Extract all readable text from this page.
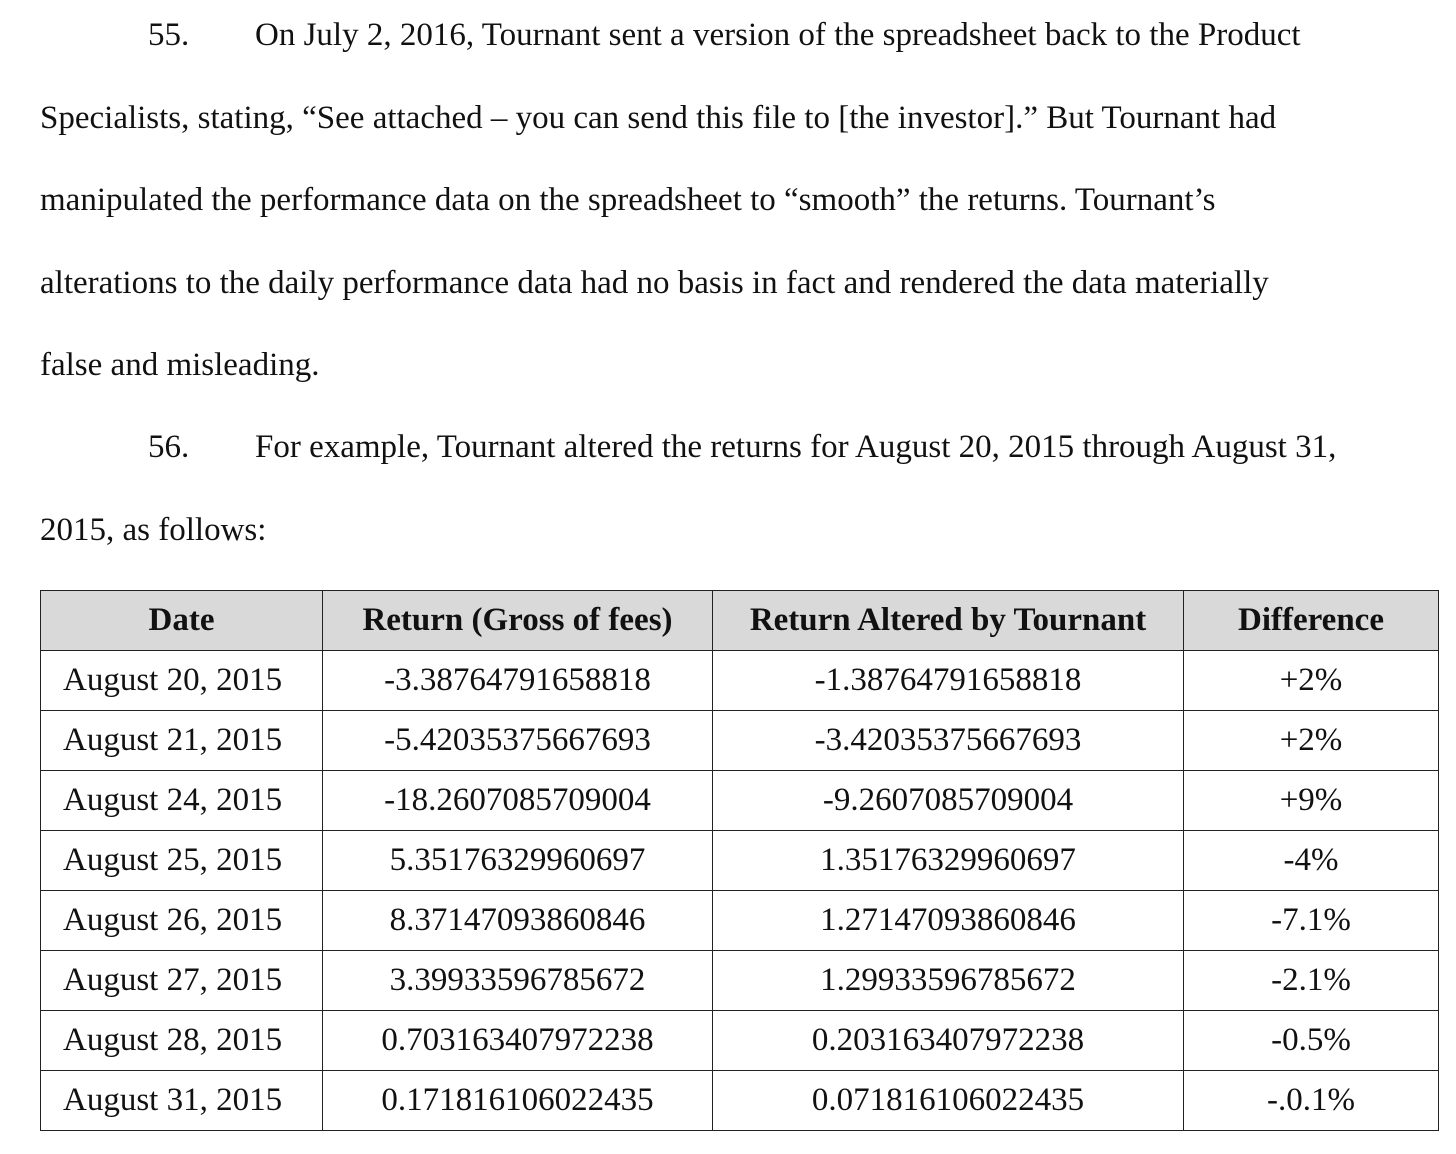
55. On July 2, 2016, Tournant sent a version of the spreadsheet back to the Product
Specialists, stating, “See attached – you can send this file to [the investor].” But Tournant had
manipulated the performance data on the spreadsheet to “smooth” the returns. Tournant’s
alterations to the daily performance data had no basis in fact and rendered the data materially
false and misleading.
56. For example, Tournant altered the returns for August 20, 2015 through August 31,
2015, as follows:
Date	Return (Gross of fees)	Return Altered by Tournant	Difference
August 20, 2015	-3.38764791658818	-1.38764791658818	+2%
August 21, 2015	-5.42035375667693	-3.42035375667693	+2%
August 24, 2015	-18.2607085709004	-9.2607085709004	+9%
August 25, 2015	5.35176329960697	1.35176329960697	-4%
August 26, 2015	8.37147093860846	1.27147093860846	-7.1%
August 27, 2015	3.39933596785672	1.29933596785672	-2.1%
August 28, 2015	0.703163407972238	0.203163407972238	-0.5%
August 31, 2015	0.171816106022435	0.071816106022435	-.0.1%
